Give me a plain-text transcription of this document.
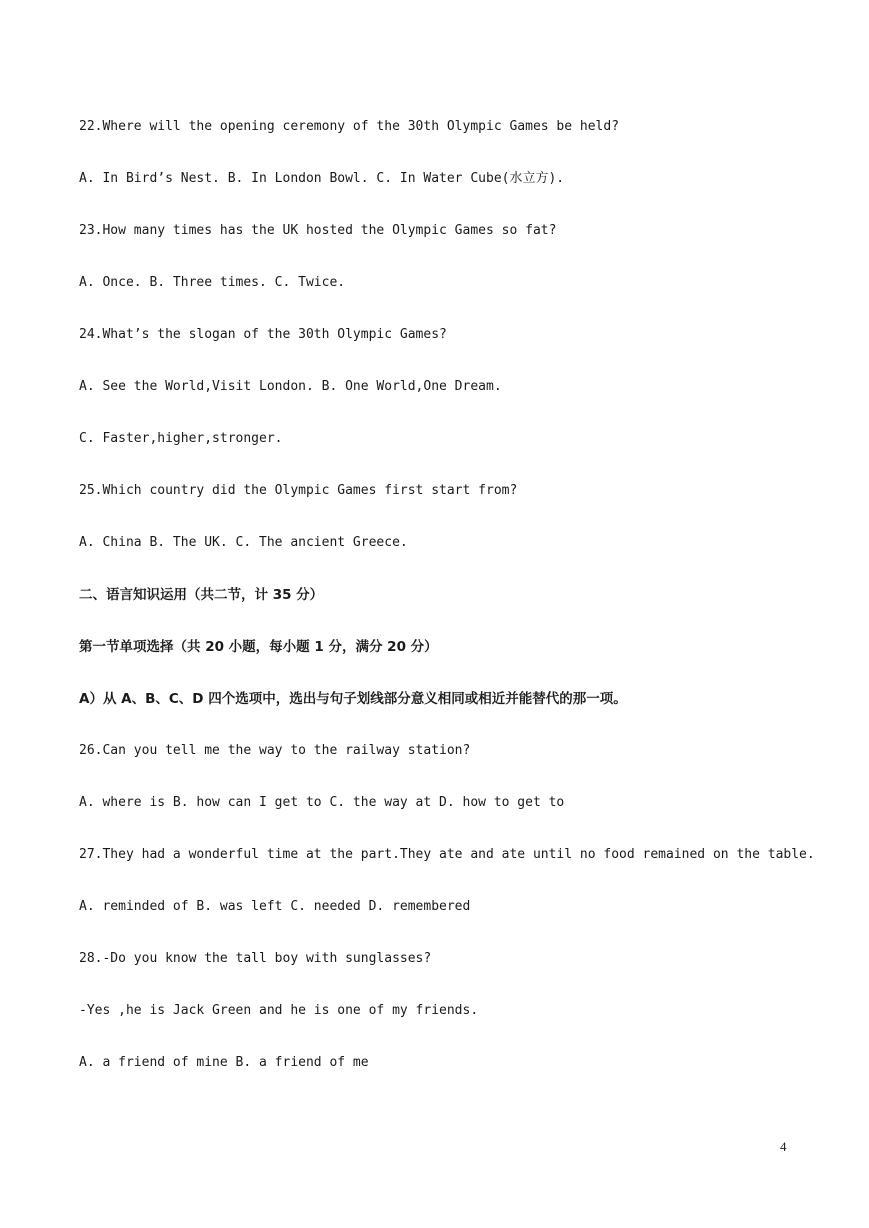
22.Where will the opening ceremony of the 30th Olympic Games be held?
A. In Bird’s Nest. B. In London Bowl. C. In Water Cube(水立方).
23.How many times has the UK hosted the Olympic Games so fat?
A. Once. B. Three times. C. Twice.
24.What’s the slogan of the 30th Olympic Games?
A. See the World,Visit London. B. One World,One Dream.
C. Faster,higher,stronger.
25.Which country did the Olympic Games first start from?
A. China B. The UK. C. The ancient Greece.
二、语言知识运用（共二节，计 35 分）
第一节单项选择（共 20 小题，每小题 1 分，满分 20 分）
A）从 A、B、C、D 四个选项中，选出与句子划线部分意义相同或相近并能替代的那一项。
26.Can you tell me the way to the railway station?
A. where is B. how can I get to C. the way at D. how to get to
27.They had a wonderful time at the part.They ate and ate until no food remained on the table.
A. reminded of B. was left C. needed D. remembered
28.-Do you know the tall boy with sunglasses?
-Yes ,he is Jack Green and he is one of my friends.
A. a friend of mine B. a friend of me
4
